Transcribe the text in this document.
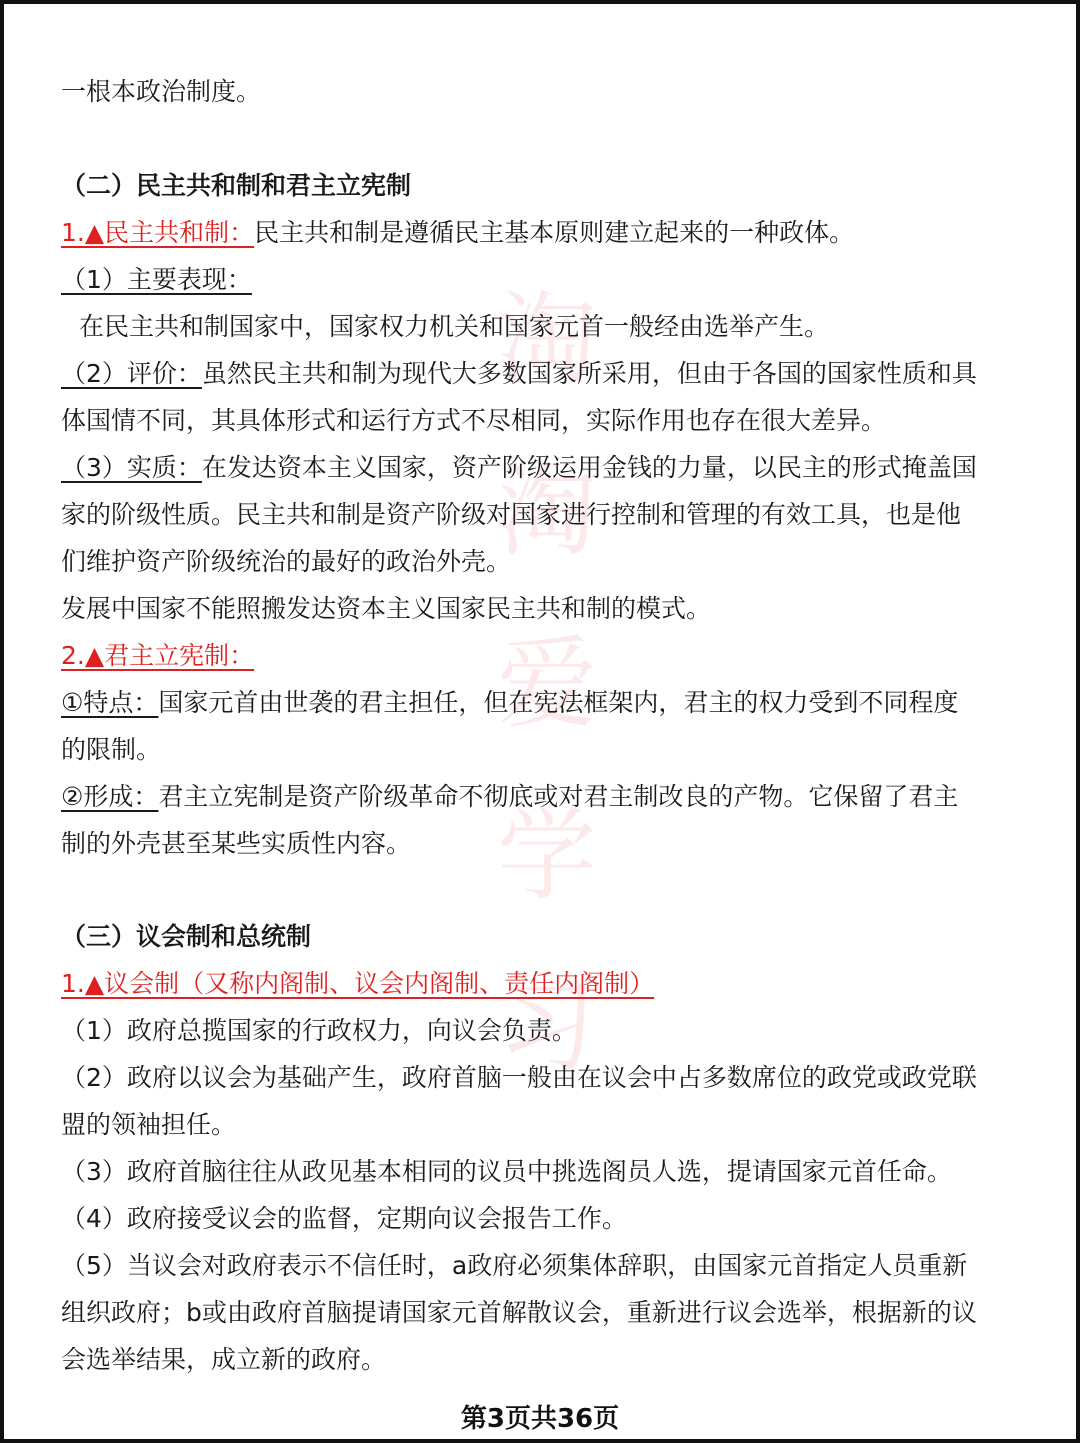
淘
淘
爱
学
习
一根本政治制度。
（二）民主共和制和君主立宪制
1.▲民主共和制：民主共和制是遵循民主基本原则建立起来的一种政体。
（1）主要表现：
在民主共和制国家中，国家权力机关和国家元首一般经由选举产生。
（2）评价：虽然民主共和制为现代大多数国家所采用，但由于各国的国家性质和具
体国情不同，其具体形式和运行方式不尽相同，实际作用也存在很大差异。
（3）实质：在发达资本主义国家，资产阶级运用金钱的力量，以民主的形式掩盖国
家的阶级性质。民主共和制是资产阶级对国家进行控制和管理的有效工具，也是他
们维护资产阶级统治的最好的政治外壳。
发展中国家不能照搬发达资本主义国家民主共和制的模式。
2.▲君主立宪制：
①特点：国家元首由世袭的君主担任，但在宪法框架内，君主的权力受到不同程度
的限制。
②形成：君主立宪制是资产阶级革命不彻底或对君主制改良的产物。它保留了君主
制的外壳甚至某些实质性内容。
（三）议会制和总统制
1.▲议会制（又称内阁制、议会内阁制、责任内阁制）
（1）政府总揽国家的行政权力，向议会负责。
（2）政府以议会为基础产生，政府首脑一般由在议会中占多数席位的政党或政党联
盟的领袖担任。
（3）政府首脑往往从政见基本相同的议员中挑选阁员人选，提请国家元首任命。
（4）政府接受议会的监督，定期向议会报告工作。
（5）当议会对政府表示不信任时，a政府必须集体辞职，由国家元首指定人员重新
组织政府；b或由政府首脑提请国家元首解散议会，重新进行议会选举，根据新的议
会选举结果，成立新的政府。
第3页共36页
